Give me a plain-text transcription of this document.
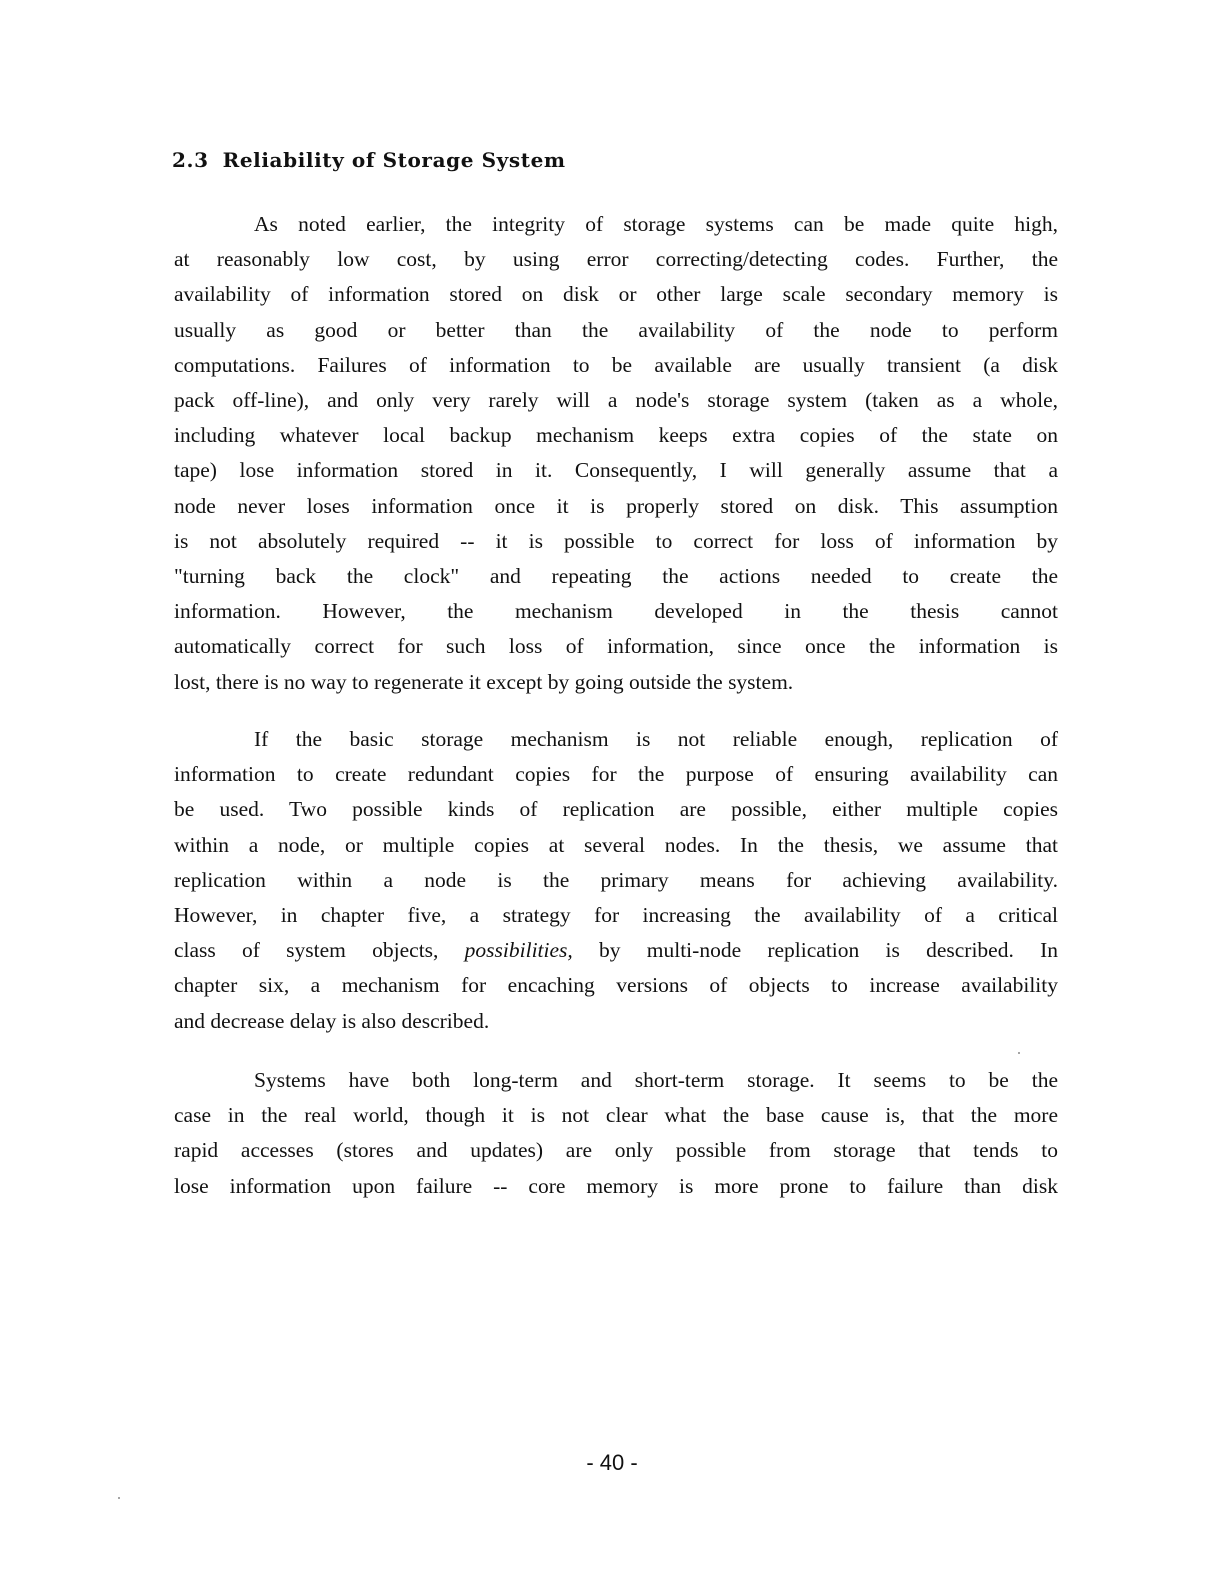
2.3 Reliability of Storage System

As noted earlier, the integrity of storage systems can be made quite high,
at reasonably low cost, by using error correcting/detecting codes. Further, the
availability of information stored on disk or other large scale secondary memory is
usually as good or better than the availability of the node to perform
computations. Failures of information to be available are usually transient (a disk
pack off-line), and only very rarely will a node's storage system (taken as a whole,
including whatever local backup mechanism keeps extra copies of the state on
tape) lose information stored in it. Consequently, I will generally assume that a
node never loses information once it is properly stored on disk. This assumption
is not absolutely required -- it is possible to correct for loss of information by
"turning back the clock" and repeating the actions needed to create the
information. However, the mechanism developed in the thesis cannot
automatically correct for such loss of information, since once the information is
lost, there is no way to regenerate it except by going outside the system.

If the basic storage mechanism is not reliable enough, replication of
information to create redundant copies for the purpose of ensuring availability can
be used. Two possible kinds of replication are possible, either multiple copies
within a node, or multiple copies at several nodes. In the thesis, we assume that
replication within a node is the primary means for achieving availability.
However, in chapter five, a strategy for increasing the availability of a critical
class of system objects, possibilities, by multi-node replication is described. In
chapter six, a mechanism for encaching versions of objects to increase availability
and decrease delay is also described.

Systems have both long-term and short-term storage. It seems to be the
case in the real world, though it is not clear what the base cause is, that the more
rapid accesses (stores and updates) are only possible from storage that tends to
lose information upon failure -- core memory is more prone to failure than disk

- 40 -
